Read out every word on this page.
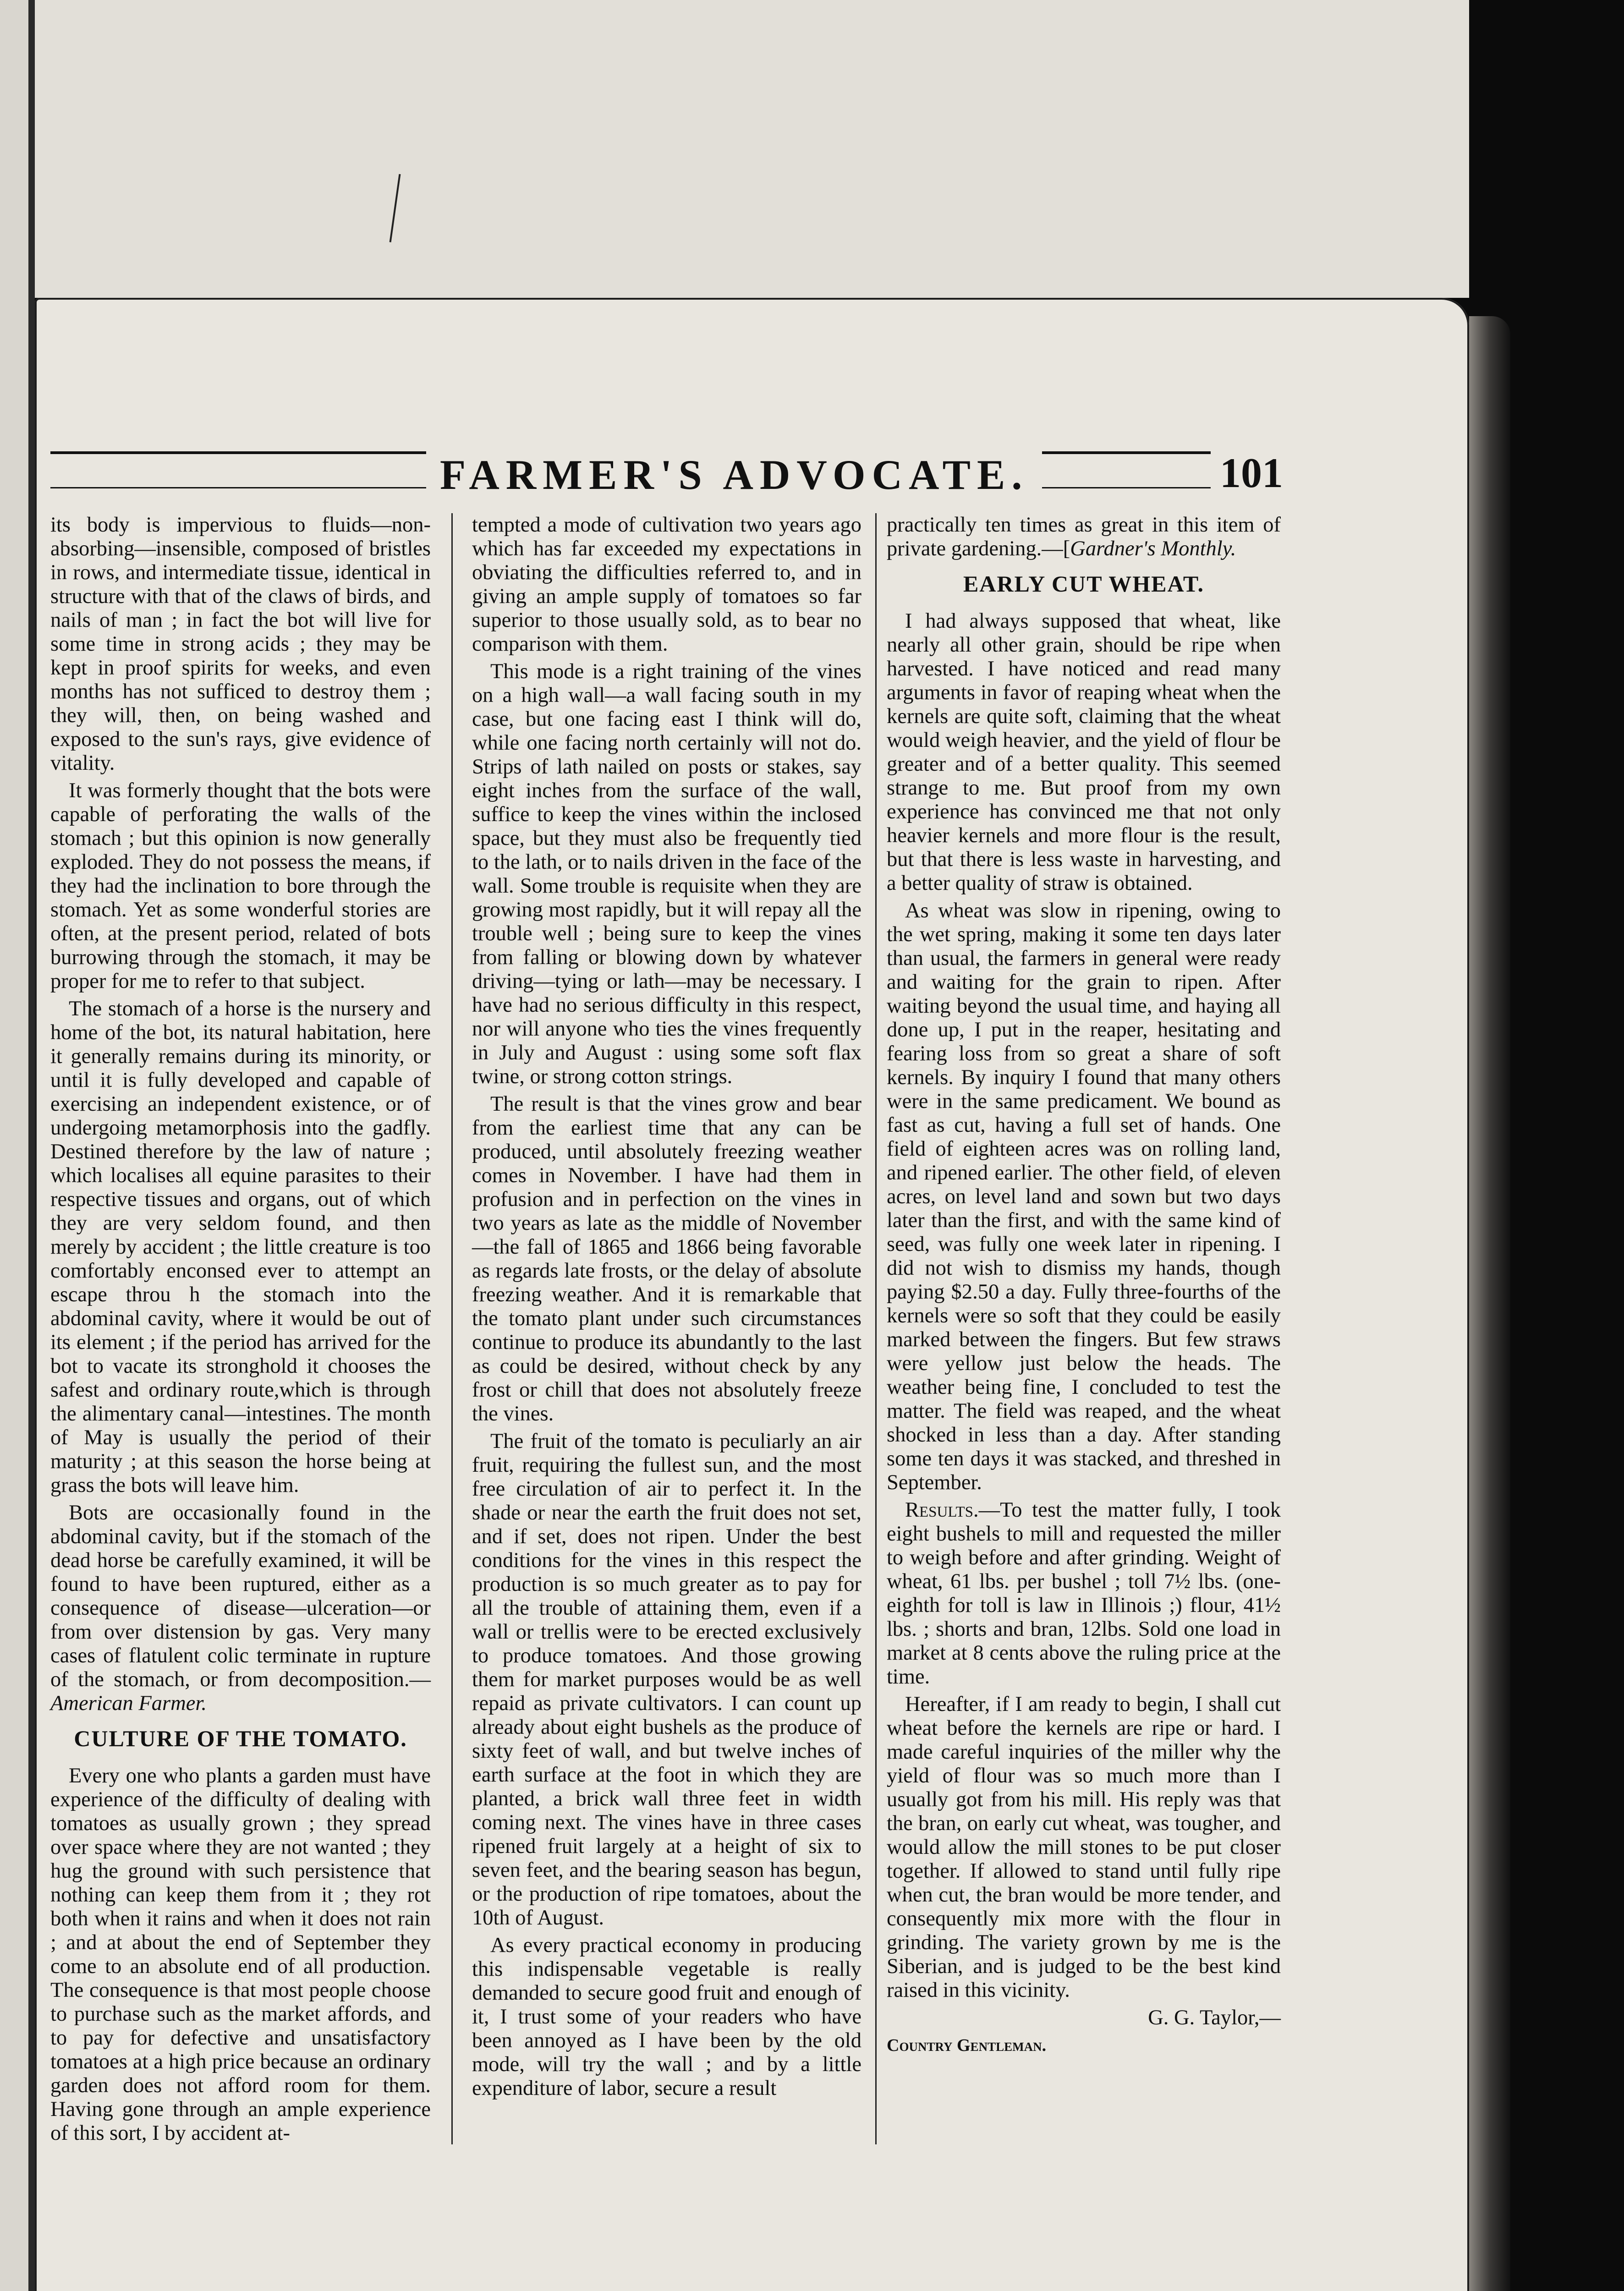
FARMER'S ADVOCATE.	101

its body is impervious to fluids—non-absorbing—insensible, composed of bristles in rows, and intermediate tissue, identical in structure with that of the claws of birds, and nails of man ; in fact the bot will live for some time in strong acids ; they may be kept in proof spirits for weeks, and even months has not sufficed to destroy them ; they will, then, on being washed and exposed to the sun's rays, give evidence of vitality.

It was formerly thought that the bots were capable of perforating the walls of the stomach ; but this opinion is now generally exploded. They do not possess the means, if they had the inclination to bore through the stomach. Yet as some wonderful stories are often, at the present period, related of bots burrowing through the stomach, it may be proper for me to refer to that subject.

The stomach of a horse is the nursery and home of the bot, its natural habitation, here it generally remains during its minority, or until it is fully developed and capable of exercising an independent existence, or of undergoing metamorphosis into the gadfly. Destined therefore by the law of nature ; which localises all equine parasites to their respective tissues and organs, out of which they are very seldom found, and then merely by accident ; the little creature is too comfortably enconsed ever to attempt an escape throu h the stomach into the abdominal cavity, where it would be out of its element ; if the period has arrived for the bot to vacate its stronghold it chooses the safest and ordinary route,which is through the alimentary canal—intestines. The month of May is usually the period of their maturity ; at this season the horse being at grass the bots will leave him.

Bots are occasionally found in the abdominal cavity, but if the stomach of the dead horse be carefully examined, it will be found to have been ruptured, either as a consequence of disease—ulceration—or from over distension by gas. Very many cases of flatulent colic terminate in rupture of the stomach, or from decomposition.—American Farmer.

CULTURE OF THE TOMATO.

Every one who plants a garden must have experience of the difficulty of dealing with tomatoes as usually grown ; they spread over space where they are not wanted ; they hug the ground with such persistence that nothing can keep them from it ; they rot both when it rains and when it does not rain ; and at about the end of September they come to an absolute end of all production. The consequence is that most people choose to purchase such as the market affords, and to pay for defective and unsatisfactory tomatoes at a high price because an ordinary garden does not afford room for them. Having gone through an ample experience of this sort, I by accident at-

tempted a mode of cultivation two years ago which has far exceeded my expectations in obviating the difficulties referred to, and in giving an ample supply of tomatoes so far superior to those usually sold, as to bear no comparison with them.

This mode is a right training of the vines on a high wall—a wall facing south in my case, but one facing east I think will do, while one facing north certainly will not do. Strips of lath nailed on posts or stakes, say eight inches from the surface of the wall, suffice to keep the vines within the inclosed space, but they must also be frequently tied to the lath, or to nails driven in the face of the wall. Some trouble is requisite when they are growing most rapidly, but it will repay all the trouble well ; being sure to keep the vines from falling or blowing down by whatever driving—tying or lath—may be necessary. I have had no serious difficulty in this respect, nor will anyone who ties the vines frequently in July and August : using some soft flax twine, or strong cotton strings.

The result is that the vines grow and bear from the earliest time that any can be produced, until absolutely freezing weather comes in November. I have had them in profusion and in perfection on the vines in two years as late as the middle of November—the fall of 1865 and 1866 being favorable as regards late frosts, or the delay of absolute freezing weather. And it is remarkable that the tomato plant under such circumstances continue to produce its abundantly to the last as could be desired, without check by any frost or chill that does not absolutely freeze the vines.

The fruit of the tomato is peculiarly an air fruit, requiring the fullest sun, and the most free circulation of air to perfect it. In the shade or near the earth the fruit does not set, and if set, does not ripen. Under the best conditions for the vines in this respect the production is so much greater as to pay for all the trouble of attaining them, even if a wall or trellis were to be erected exclusively to produce tomatoes. And those growing them for market purposes would be as well repaid as private cultivators. I can count up already about eight bushels as the produce of sixty feet of wall, and but twelve inches of earth surface at the foot in which they are planted, a brick wall three feet in width coming next. The vines have in three cases ripened fruit largely at a height of six to seven feet, and the bearing season has begun, or the production of ripe tomatoes, about the 10th of August.

As every practical economy in producing this indispensable vegetable is really demanded to secure good fruit and enough of it, I trust some of your readers who have been annoyed as I have been by the old mode, will try the wall ; and by a little expenditure of labor, secure a result

practically ten times as great in this item of private gardening.—[Gardner's Monthly.

EARLY CUT WHEAT.

I had always supposed that wheat, like nearly all other grain, should be ripe when harvested. I have noticed and read many arguments in favor of reaping wheat when the kernels are quite soft, claiming that the wheat would weigh heavier, and the yield of flour be greater and of a better quality. This seemed strange to me. But proof from my own experience has convinced me that not only heavier kernels and more flour is the result, but that there is less waste in harvesting, and a better quality of straw is obtained.

As wheat was slow in ripening, owing to the wet spring, making it some ten days later than usual, the farmers in general were ready and waiting for the grain to ripen. After waiting beyond the usual time, and haying all done up, I put in the reaper, hesitating and fearing loss from so great a share of soft kernels. By inquiry I found that many others were in the same predicament. We bound as fast as cut, having a full set of hands. One field of eighteen acres was on rolling land, and ripened earlier. The other field, of eleven acres, on level land and sown but two days later than the first, and with the same kind of seed, was fully one week later in ripening. I did not wish to dismiss my hands, though paying $2.50 a day. Fully three-fourths of the kernels were so soft that they could be easily marked between the fingers. But few straws were yellow just below the heads. The weather being fine, I concluded to test the matter. The field was reaped, and the wheat shocked in less than a day. After standing some ten days it was stacked, and threshed in September.

Results.—To test the matter fully, I took eight bushels to mill and requested the miller to weigh before and after grinding. Weight of wheat, 61 lbs. per bushel ; toll 7½ lbs. (one-eighth for toll is law in Illinois ;) flour, 41½ lbs. ; shorts and bran, 12lbs. Sold one load in market at 8 cents above the ruling price at the time.

Hereafter, if I am ready to begin, I shall cut wheat before the kernels are ripe or hard. I made careful inquiries of the miller why the yield of flour was so much more than I usually got from his mill. His reply was that the bran, on early cut wheat, was tougher, and would allow the mill stones to be put closer together. If allowed to stand until fully ripe when cut, the bran would be more tender, and consequently mix more with the flour in grinding. The variety grown by me is the Siberian, and is judged to be the best kind raised in this vicinity.

G. G. Taylor,—

Country Gentleman.
